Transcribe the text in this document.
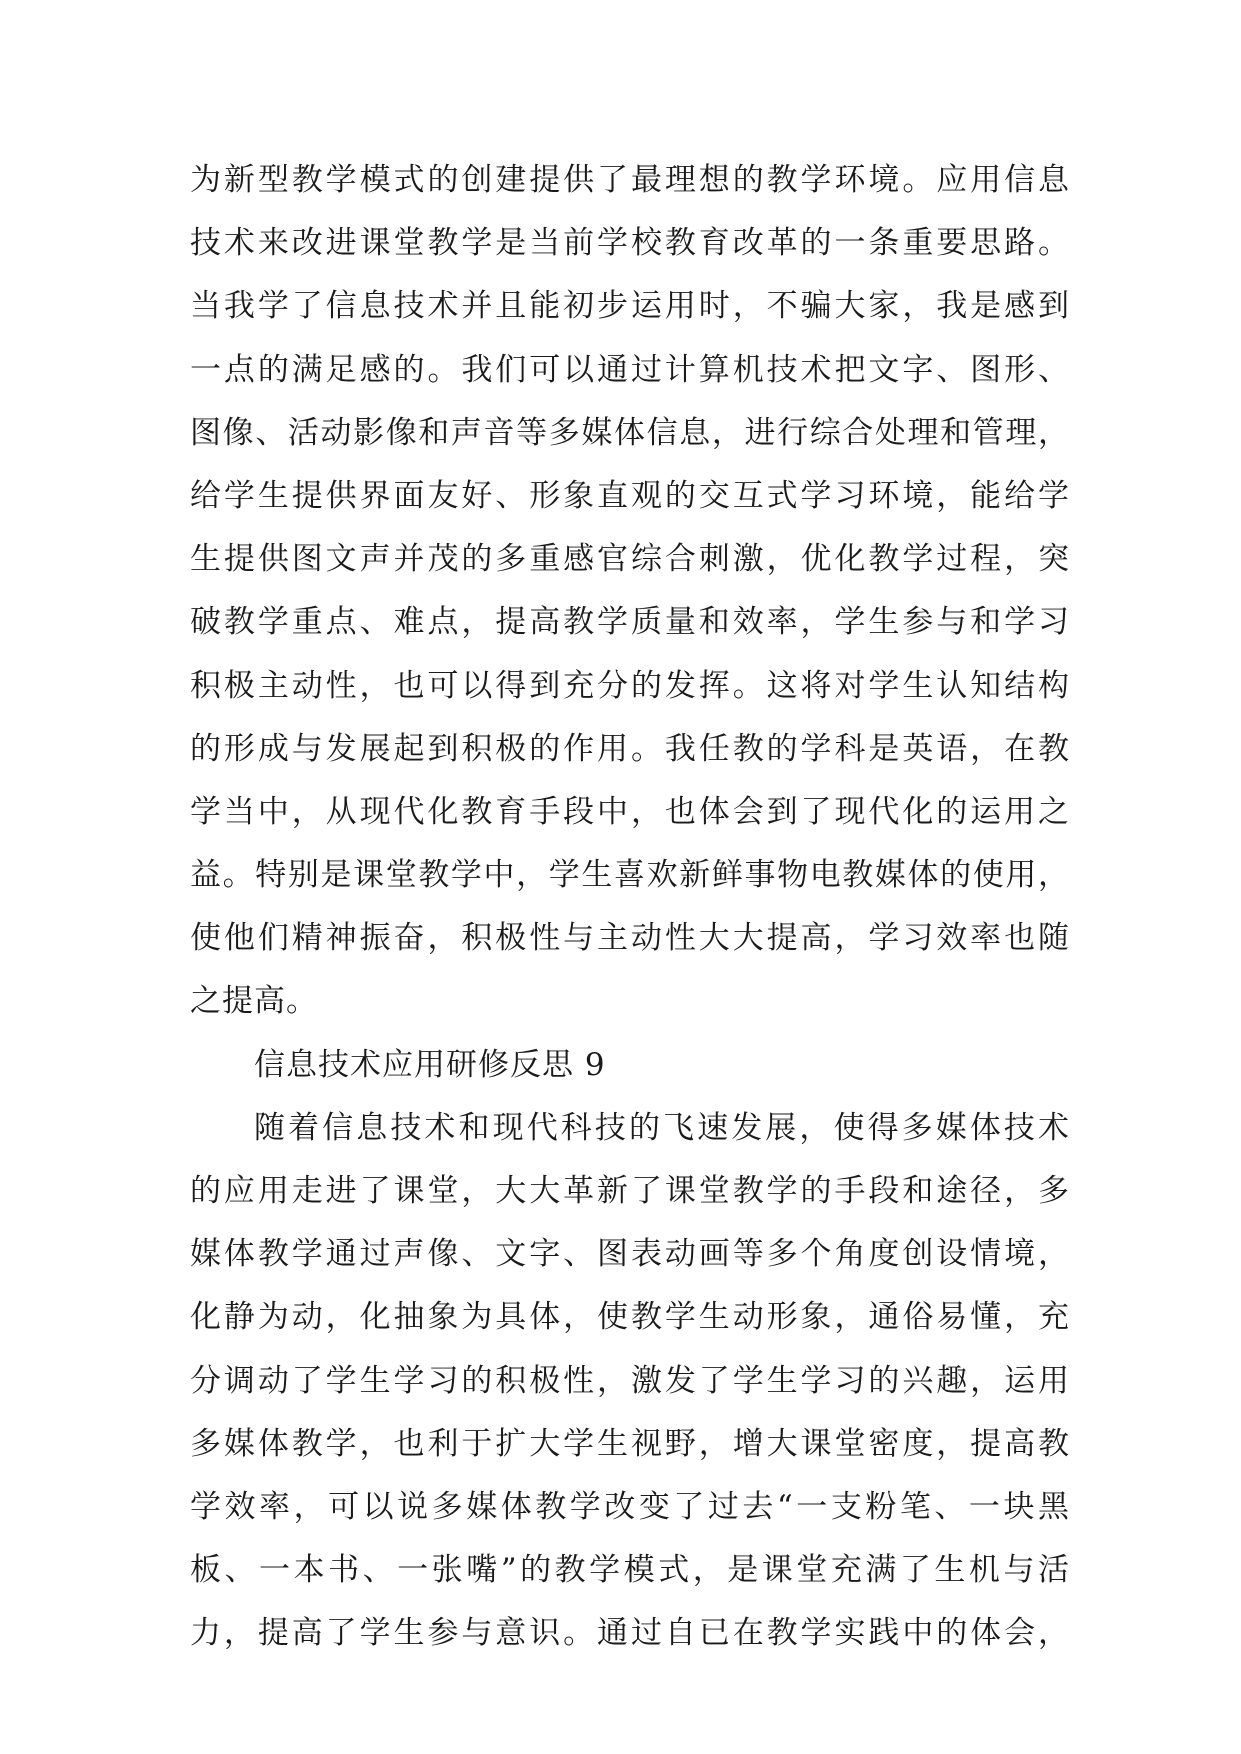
为新型教学模式的创建提供了最理想的教学环境。应用信息
技术来改进课堂教学是当前学校教育改革的一条重要思路。
当我学了信息技术并且能初步运用时，不骗大家，我是感到
一点的满足感的。我们可以通过计算机技术把文字、图形、
图像、活动影像和声音等多媒体信息，进行综合处理和管理，
给学生提供界面友好、形象直观的交互式学习环境，能给学
生提供图文声并茂的多重感官综合刺激，优化教学过程，突
破教学重点、难点，提高教学质量和效率，学生参与和学习
积极主动性，也可以得到充分的发挥。这将对学生认知结构
的形成与发展起到积极的作用。我任教的学科是英语，在教
学当中，从现代化教育手段中，也体会到了现代化的运用之
益。特别是课堂教学中，学生喜欢新鲜事物电教媒体的使用，
使他们精神振奋，积极性与主动性大大提高，学习效率也随
之提高。
信息技术应用研修反思 9
随着信息技术和现代科技的飞速发展，使得多媒体技术
的应用走进了课堂，大大革新了课堂教学的手段和途径，多
媒体教学通过声像、文字、图表动画等多个角度创设情境，
化静为动，化抽象为具体，使教学生动形象，通俗易懂，充
分调动了学生学习的积极性，激发了学生学习的兴趣，运用
多媒体教学，也利于扩大学生视野，增大课堂密度，提高教
学效率，可以说多媒体教学改变了过去“一支粉笔、一块黑
板、一本书、一张嘴”的教学模式，是课堂充满了生机与活
力，提高了学生参与意识。通过自已在教学实践中的体会，
